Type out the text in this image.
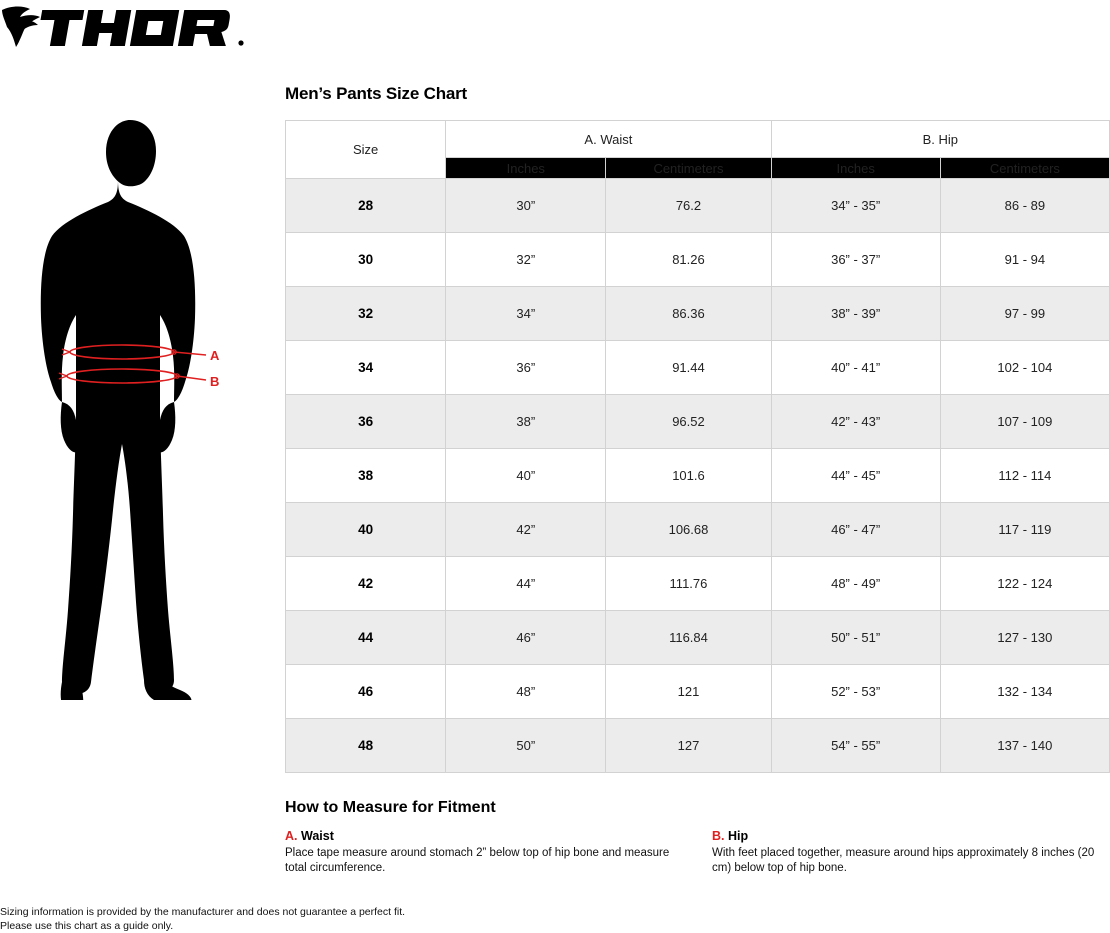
A
B
Men’s Pants Size Chart
Size	A. Waist		B. Hip	
	Inches	Centimeters	Inches	Centimeters
28	30”	76.2	34” - 35”	86 - 89
30	32”	81.26	36” - 37”	91 - 94
32	34”	86.36	38” - 39”	97 - 99
34	36”	91.44	40” - 41”	102 - 104
36	38”	96.52	42” - 43”	107 - 109
38	40”	101.6	44” - 45”	112 - 114
40	42”	106.68	46” - 47”	117 - 119
42	44”	111.76	48” - 49”	122 - 124
44	46”	116.84	50” - 51”	127 - 130
46	48”	121	52” - 53”	132 - 134
48	50”	127	54” - 55”	137 - 140
How to Measure for Fitment
A. Waist
Place tape measure around stomach 2” below top of hip bone and measure total circumference.
B. Hip
With feet placed together, measure around hips approximately 8 inches (20 cm) below top of hip bone.
Sizing information is provided by the manufacturer and does not guarantee a perfect fit.
Please use this chart as a guide only.
